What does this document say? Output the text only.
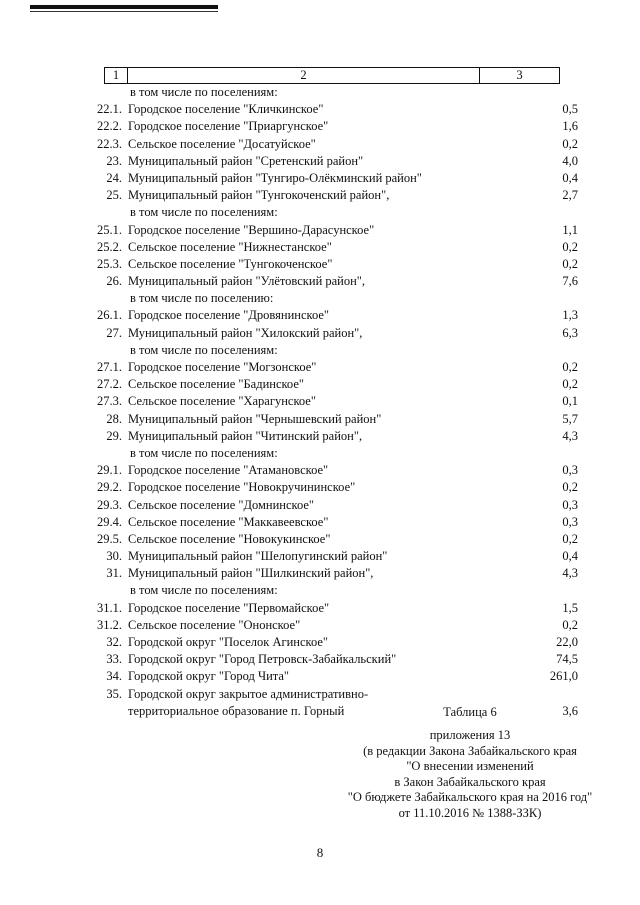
1	2	3
в том числе по поселениям:
22.1. Городское поселение "Кличкинское"	0,5
22.2. Городское поселение "Приаргунское"	1,6
22.3. Сельское поселение "Досатуйское"	0,2
23. Муниципальный район "Сретенский район"	4,0
24. Муниципальный район "Тунгиро-Олёкминский район"	0,4
25. Муниципальный район "Тунгокоченский район",	2,7
в том числе по поселениям:
25.1. Городское поселение "Вершино-Дарасунское"	1,1
25.2. Сельское поселение "Нижнестанское"	0,2
25.3. Сельское поселение "Тунгокоченское"	0,2
26. Муниципальный район "Улётовский район",	7,6
в том числе по поселению:
26.1. Городское поселение "Дровянинское"	1,3
27. Муниципальный район "Хилокский район",	6,3
в том числе по поселениям:
27.1. Городское поселение "Могзонское"	0,2
27.2. Сельское поселение "Бадинское"	0,2
27.3. Сельское поселение "Харагунское"	0,1
28. Муниципальный район "Чернышевский район"	5,7
29. Муниципальный район "Читинский район",	4,3
в том числе по поселениям:
29.1. Городское поселение "Атамановское"	0,3
29.2. Городское поселение "Новокручининское"	0,2
29.3. Сельское поселение "Домнинское"	0,3
29.4. Сельское поселение "Маккавеевское"	0,3
29.5. Сельское поселение "Новокукинское"	0,2
30. Муниципальный район "Шелопугинский район"	0,4
31. Муниципальный район "Шилкинский район",	4,3
в том числе по поселениям:
31.1. Городское поселение "Первомайское"	1,5
31.2. Сельское поселение "Ононское"	0,2
32. Городской округ "Поселок Агинское"	22,0
33. Городской округ "Город Петровск-Забайкальский"	74,5
34. Городской округ "Город Чита"	261,0
35. Городской округ закрытое административно-
территориальное образование п. Горный	3,6
Таблица 6
приложения 13
(в редакции Закона Забайкальского края
"О внесении изменений
в Закон Забайкальского края
"О бюджете Забайкальского края на 2016 год"
от 11.10.2016 № 1388-ЗЗК)
8
